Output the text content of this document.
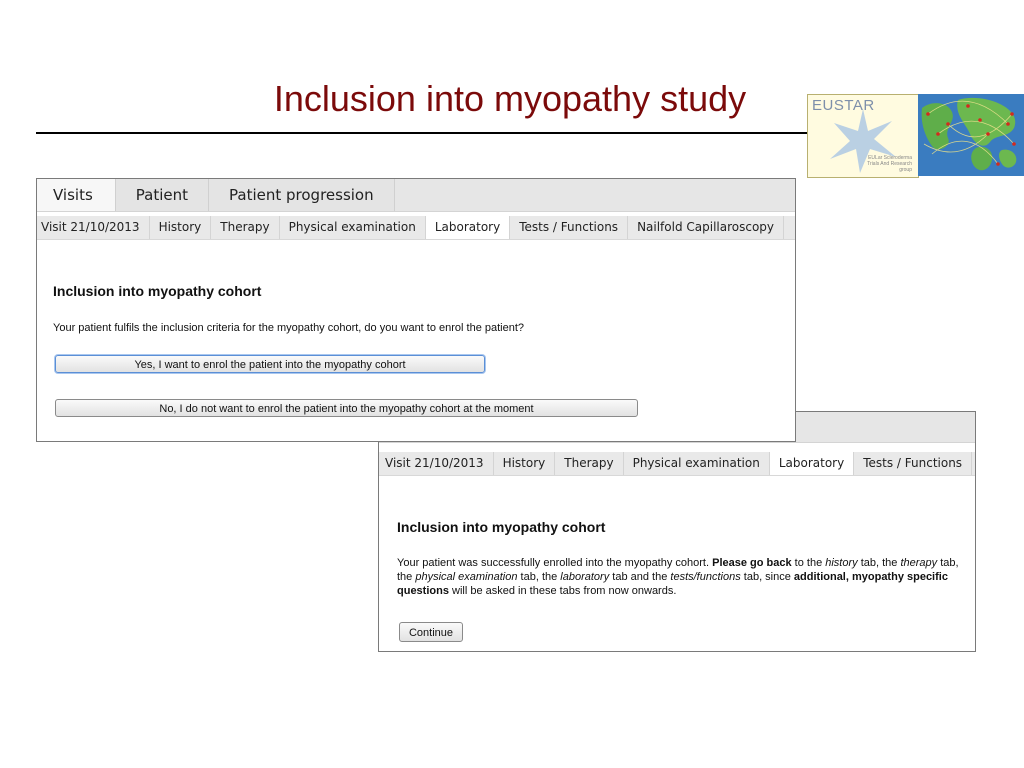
Inclusion into myopathy study	EUSTAR
EULar Scleroderma Trials And Research group
Visit 21/10/2013	History	Therapy	Physical examination	Laboratory	Tests / Functions
Inclusion into myopathy cohort
Your patient was successfully enrolled into the myopathy cohort. Please go back to the history tab, the therapy tab, the physical examination tab, the laboratory tab and the tests/functions tab, since additional, myopathy specific questions will be asked in these tabs from now onwards.
Continue
Visits	Patient	Patient progression
Visit 21/10/2013	History	Therapy	Physical examination	Laboratory	Tests / Functions	Nailfold Capillaroscopy
Inclusion into myopathy cohort
Your patient fulfils the inclusion criteria for the myopathy cohort, do you want to enrol the patient?
Yes, I want to enrol the patient into the myopathy cohort
No, I do not want to enrol the patient into the myopathy cohort at the moment
